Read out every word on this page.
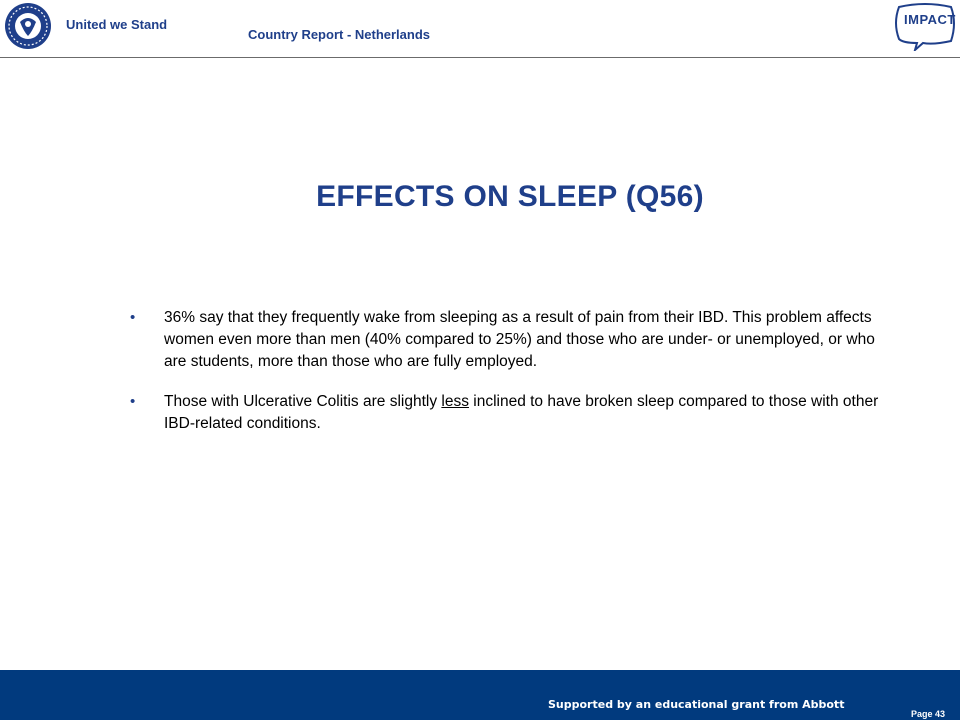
United we Stand
Country Report - Netherlands
IMPACT
EFFECTS ON SLEEP (Q56)
• 36% say that they frequently wake from sleeping as a result of pain from their IBD. This problem affects women even more than men (40% compared to 25%) and those who are under- or unemployed, or who are students, more than those who are fully employed.
• Those with Ulcerative Colitis are slightly less inclined to have broken sleep compared to those with other IBD-related conditions.
Supported by an educational grant from Abbott
Page 43
